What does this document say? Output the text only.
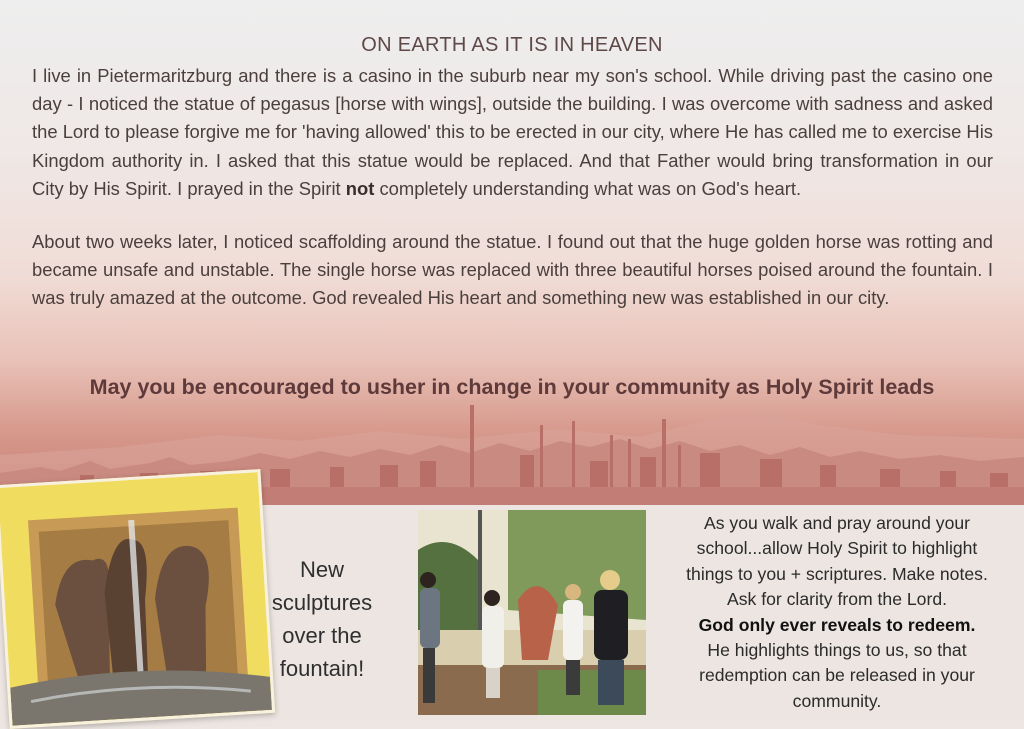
ON EARTH AS IT IS IN HEAVEN

I live in Pietermaritzburg and there is a casino in the suburb near my son's school. While driving past the casino one day - I noticed the statue of pegasus [horse with wings], outside the building. I was overcome with sadness and asked the Lord to please forgive me for 'having allowed' this to be erected in our city, where He has called me to exercise His Kingdom authority in. I asked that this statue would be replaced. And that Father would bring transformation in our City by His Spirit. I prayed in the Spirit not completely understanding what was on God's heart.

About two weeks later, I noticed scaffolding around the statue. I found out that the huge golden horse was rotting and became unsafe and unstable. The single horse was replaced with three beautiful horses poised around the fountain. I was truly amazed at the outcome. God revealed His heart and something new was established in our city.

May you be encouraged to usher in change in your community as Holy Spirit leads
New
sculptures
over the
fountain!
As you walk and pray around your
school...allow Holy Spirit to highlight
things to you + scriptures. Make notes.
Ask for clarity from the Lord.
God only ever reveals to redeem.
He highlights things to us, so that
redemption can be released in your
community.
